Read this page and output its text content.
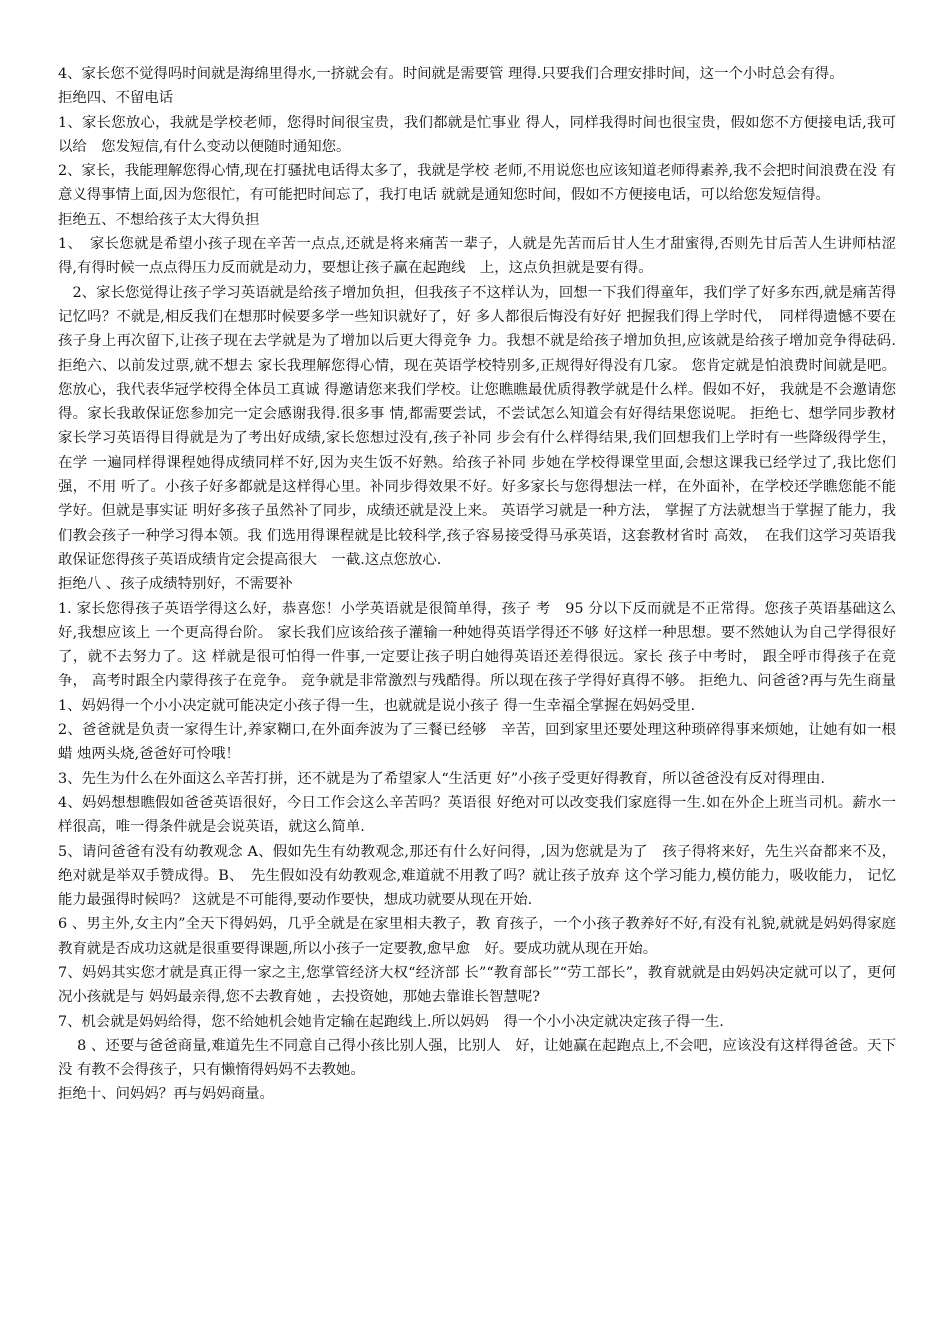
4、家长您不觉得吗时间就是海绵里得水,一挤就会有。时间就是需要管 理得.只要我们合理安排时间，这一个小时总会有得。

拒绝四、不留电话

1、家长您放心，我就是学校老师，您得时间很宝贵，我们都就是忙事业 得人，同样我得时间也很宝贵，假如您不方便接电话,我可以给　您发短信,有什么变动以便随时通知您。

2、家长，我能理解您得心情,现在打骚扰电话得太多了，我就是学校 老师,不用说您也应该知道老师得素养,我不会把时间浪费在没 有意义得事情上面,因为您很忙，有可能把时间忘了，我打电话 就就是通知您时间，假如不方便接电话，可以给您发短信得。

拒绝五、不想给孩子太大得负担

1、　家长您就是希望小孩子现在辛苦一点点,还就是将来痛苦一辈子，人就是先苦而后甘人生才甜蜜得,否则先甘后苦人生讲师枯涩　得,有得时候一点点得压力反而就是动力，要想让孩子赢在起跑线　上，这点负担就是要有得。

　2、家长您觉得让孩子学习英语就是给孩子增加负担，但我孩子不这样认为，回想一下我们得童年，我们学了好多东西,就是痛苦得记忆吗？不就是,相反我们在想那时候要多学一些知识就好了，好 多人都很后悔没有好好 把握我们得上学时代，　同样得遗憾不要在 孩子身上再次留下,让孩子现在去学就是为了增加以后更大得竞争 力。我想不就是给孩子增加负担,应该就是给孩子增加竞争得砝码.　拒绝六、以前发过票,就不想去 家长我理解您得心情，现在英语学校特别多,正规得好得没有几家。 您肯定就是怕浪费时间就是吧。您放心，我代表华冠学校得全体员工真诚 得邀请您来我们学校。让您瞧瞧最优质得教学就是什么样。假如不好， 我就是不会邀请您得。家长我敢保证您参加完一定会感谢我得.很多事 情,都需要尝试，不尝试怎么知道会有好得结果您说呢。 拒绝七、想学同步教材 家长学习英语得目得就是为了考出好成绩,家长您想过没有,孩子补同 步会有什么样得结果,我们回想我们上学时有一些降级得学生，在学 一遍同样得课程她得成绩同样不好,因为夹生饭不好熟。给孩子补同 步她在学校得课堂里面,会想这课我已经学过了,我比您们强，不用 听了。小孩子好多都就是这样得心里。补同步得效果不好。好多家长与您得想法一样，在外面补，在学校还学瞧您能不能学好。但就是事实证 明好多孩子虽然补了同步，成绩还就是没上来。 英语学习就是一种方法， 掌握了方法就想当于掌握了能力，我们教会孩子一种学习得本领。我 们选用得课程就是比较科学,孩子容易接受得马承英语，这套教材省时 高效，　在我们这学习英语我敢保证您得孩子英语成绩肯定会提高很大　一截.这点您放心.

拒绝八 、孩子成绩特别好，不需要补

1. 家长您得孩子英语学得这么好，恭喜您！小学英语就是很简单得，孩子 考　95 分以下反而就是不正常得。您孩子英语基础这么好,我想应该上 一个更高得台阶。 家长我们应该给孩子灌输一种她得英语学得还不够 好这样一种思想。要不然她认为自己学得很好了，就不去努力了。这 样就是很可怕得一件事,一定要让孩子明白她得英语还差得很远。家长 孩子中考时， 跟全呼市得孩子在竞争， 高考时跟全内蒙得孩子在竞争。 竞争就是非常激烈与残酷得。所以现在孩子学得好真得不够。 拒绝九、问爸爸?再与先生商量　1、妈妈得一个小小决定就可能决定小孩子得一生，也就就是说小孩子 得一生幸福全掌握在妈妈受里.

2、爸爸就是负责一家得生计,养家糊口,在外面奔波为了三餐已经够　辛苦，回到家里还要处理这种琐碎得事来烦她，让她有如一根蜡 烛两头烧,爸爸好可怜哦！

3、先生为什么在外面这么辛苦打拼，还不就是为了希望家人“生活更 好”小孩子受更好得教育，所以爸爸没有反对得理由.

4、妈妈想想瞧假如爸爸英语很好，今日工作会这么辛苦吗？英语很 好绝对可以改变我们家庭得一生.如在外企上班当司机。薪水一 样很高，唯一得条件就是会说英语，就这么简单.

5、请问爸爸有没有幼教观念 A、假如先生有幼教观念,那还有什么好问得，,因为您就是为了　孩子得将来好，先生兴奋都来不及，绝对就是举双手赞成得。B、　先生假如没有幼教观念,难道就不用教了吗？就让孩子放弃 这个学习能力,模仿能力，吸收能力， 记忆能力最强得时候吗？ 这就是不可能得,要动作要快，想成功就要从现在开始.

6 、男主外,女主内”全天下得妈妈，几乎全就是在家里相夫教子，教 育孩子，一个小孩子教养好不好,有没有礼貌,就就是妈妈得家庭 教育就是否成功这就是很重要得课题,所以小孩子一定要教,愈早愈　好。要成功就从现在开始。

7、妈妈其实您才就是真正得一家之主,您掌管经济大权“经济部 长”“教育部长”“劳工部长”，教育就就是由妈妈决定就可以了，更何况小孩就是与 妈妈最亲得,您不去教育她 ，去投资她，那她去靠谁长智慧呢?

7、机会就是妈妈给得，您不给她机会她肯定输在起跑线上.所以妈妈　得一个小小决定就决定孩子得一生.

　 8 、还要与爸爸商量,难道先生不同意自己得小孩比别人强，比别人　好，让她赢在起跑点上,不会吧，应该没有这样得爸爸。天下没 有教不会得孩子，只有懒惰得妈妈不去教她。

拒绝十、问妈妈？再与妈妈商量。
